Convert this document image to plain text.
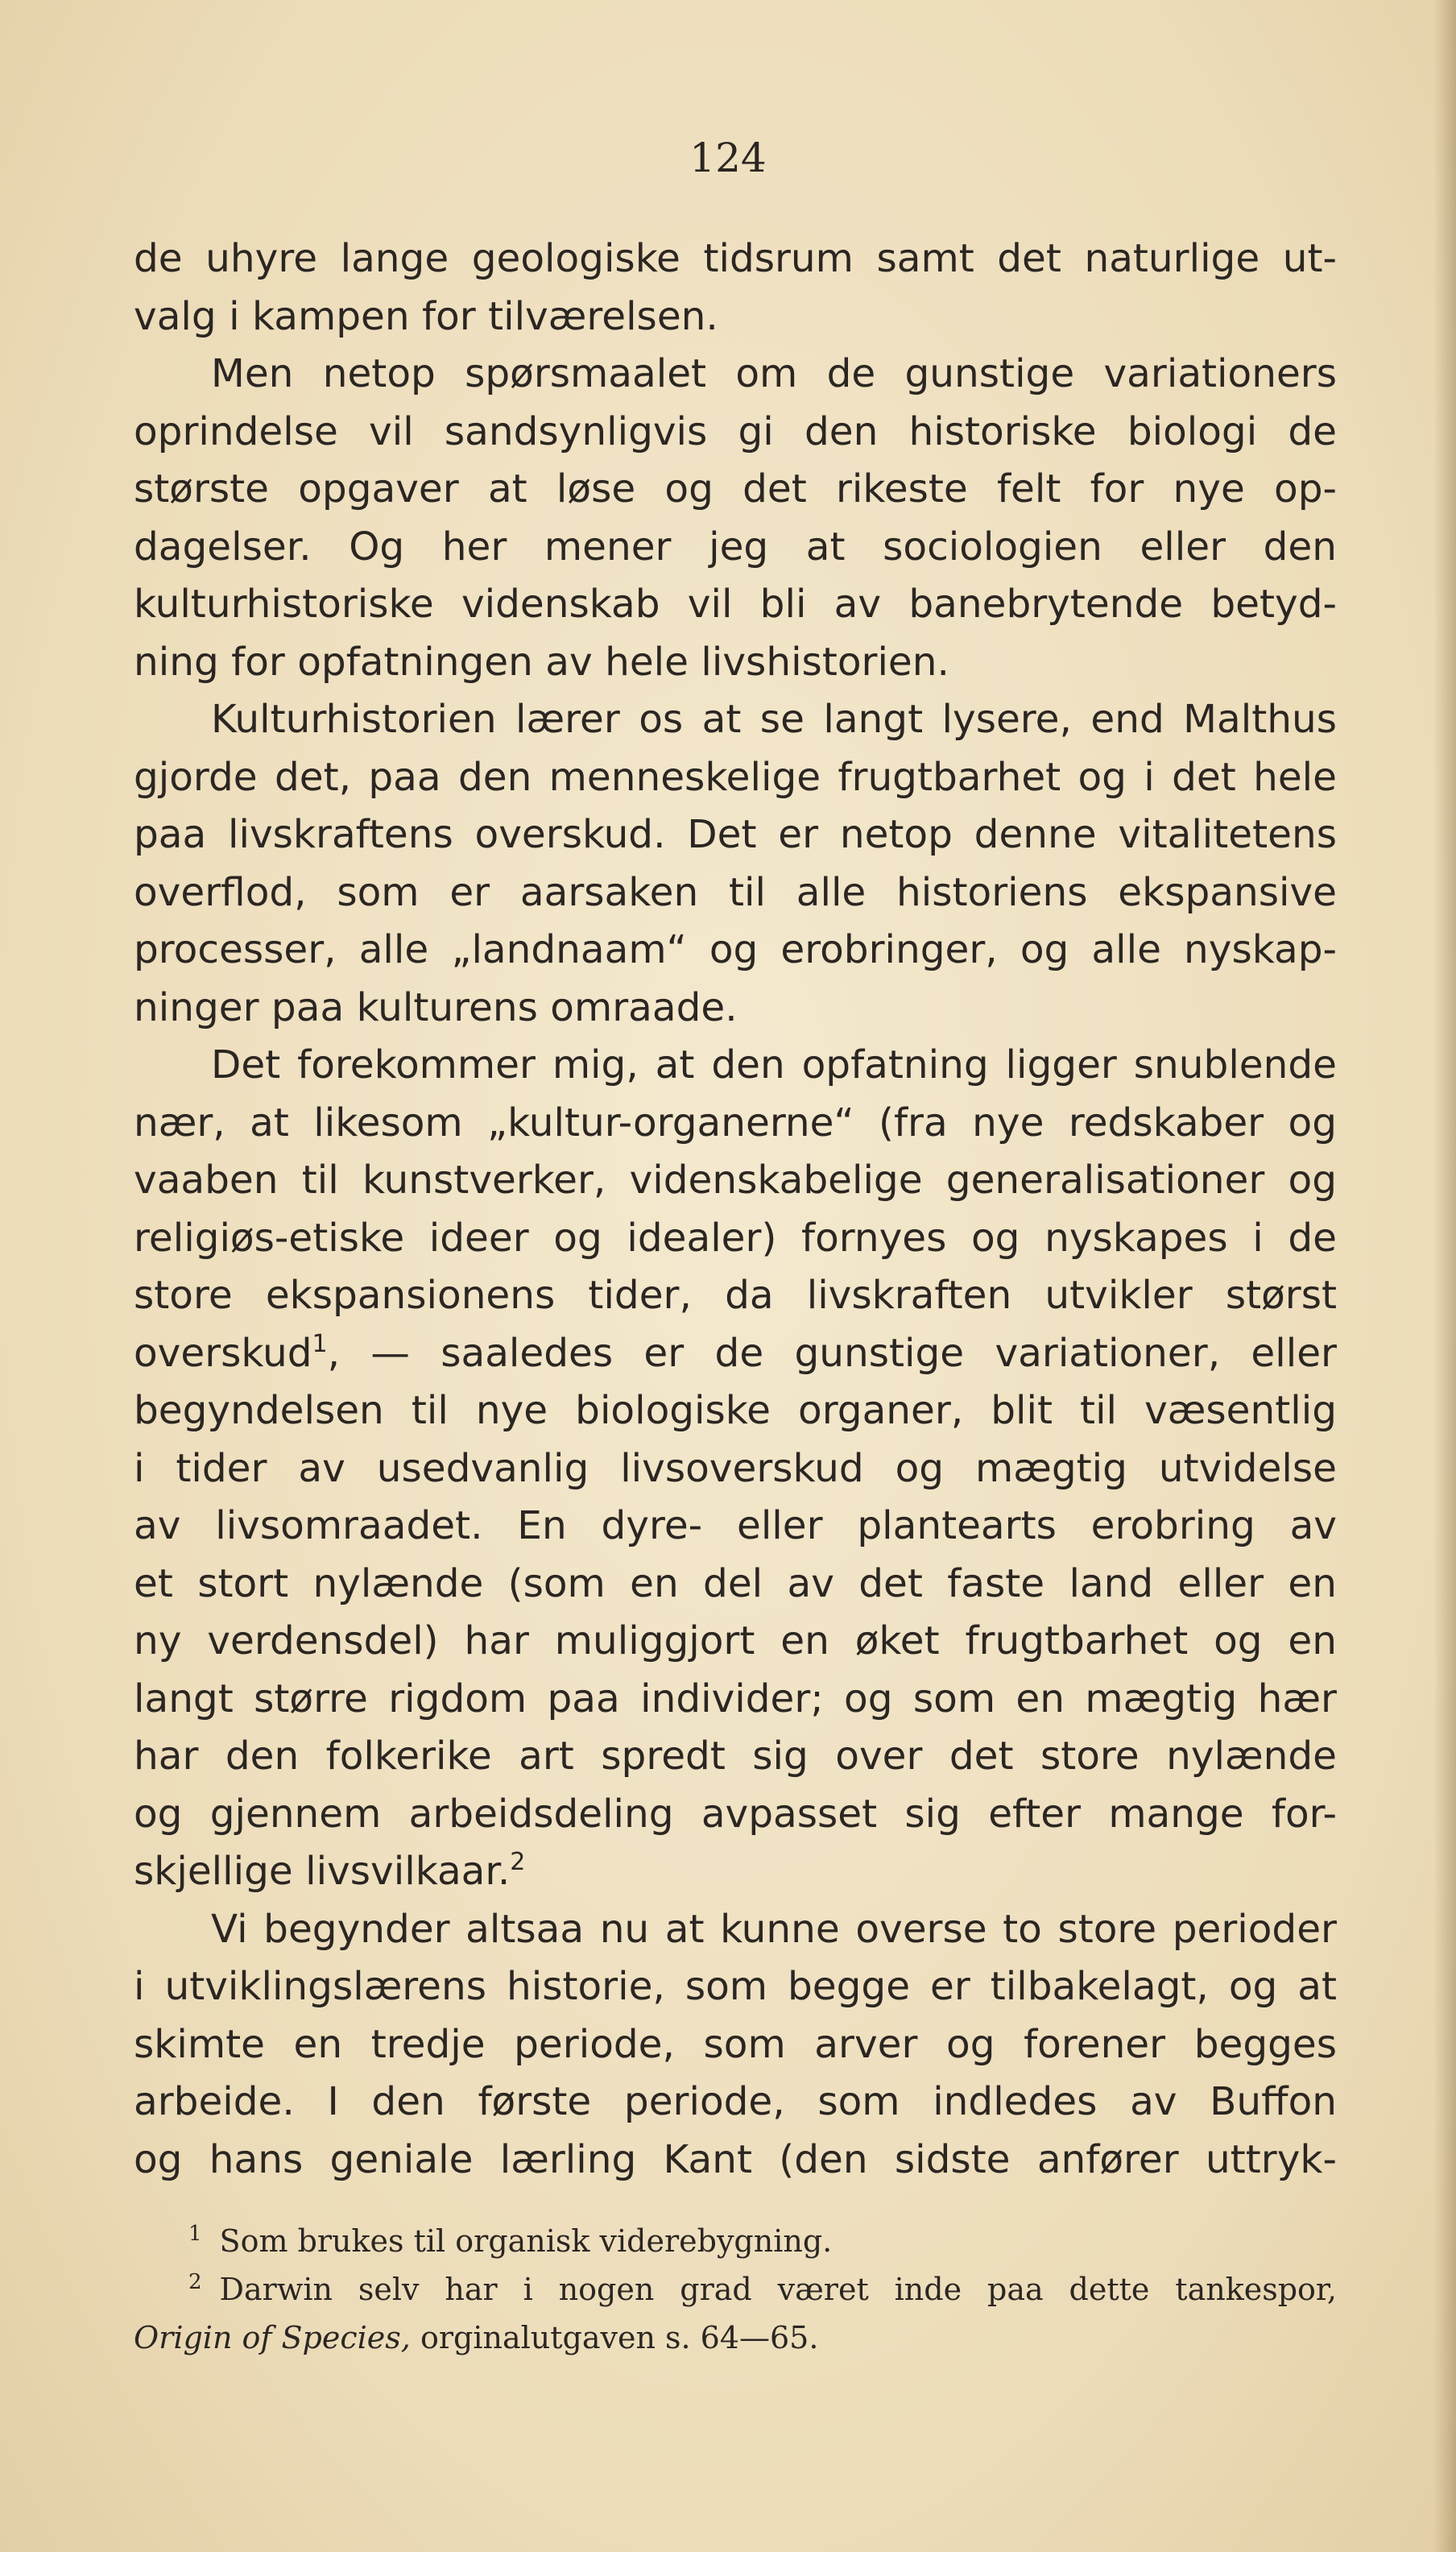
124
de uhyre lange geologiske tidsrum samt det naturlige ut-
valg i kampen for tilværelsen.
Men netop spørsmaalet om de gunstige variationers
oprindelse vil sandsynligvis gi den historiske biologi de
største opgaver at løse og det rikeste felt for nye op-
dagelser. Og her mener jeg at sociologien eller den
kulturhistoriske videnskab vil bli av banebrytende betyd-
ning for opfatningen av hele livshistorien.
Kulturhistorien lærer os at se langt lysere, end Malthus
gjorde det, paa den menneskelige frugtbarhet og i det hele
paa livskraftens overskud. Det er netop denne vitalitetens
overflod, som er aarsaken til alle historiens ekspansive
processer, alle „landnaam“ og erobringer, og alle nyskap-
ninger paa kulturens omraade.
Det forekommer mig, at den opfatning ligger snublende
nær, at likesom „kultur-organerne“ (fra nye redskaber og
vaaben til kunstverker, videnskabelige generalisationer og
religiøs-etiske ideer og idealer) fornyes og nyskapes i de
store ekspansionens tider, da livskraften utvikler størst
overskud$^1$, — saaledes er de gunstige variationer, eller
begyndelsen til nye biologiske organer, blit til væsentlig
i tider av usedvanlig livsoverskud og mægtig utvidelse
av livsomraadet. En dyre- eller plantearts erobring av
et stort nylænde (som en del av det faste land eller en
ny verdensdel) har muliggjort en øket frugtbarhet og en
langt større rigdom paa individer; og som en mægtig hær
har den folkerike art spredt sig over det store nylænde
og gjennem arbeidsdeling avpasset sig efter mange for-
skjellige livsvilkaar.$^2$
Vi begynder altsaa nu at kunne overse to store perioder
i utviklingslærens historie, som begge er tilbakelagt, og at
skimte en tredje periode, som arver og forener begges
arbeide. I den første periode, som indledes av Buffon
og hans geniale lærling Kant (den sidste anfører uttryk-
$^1$ Som brukes til organisk viderebygning.
$^2$ Darwin selv har i nogen grad været inde paa dette tankespor,
Origin of Species, orginalutgaven s. 64—65.
